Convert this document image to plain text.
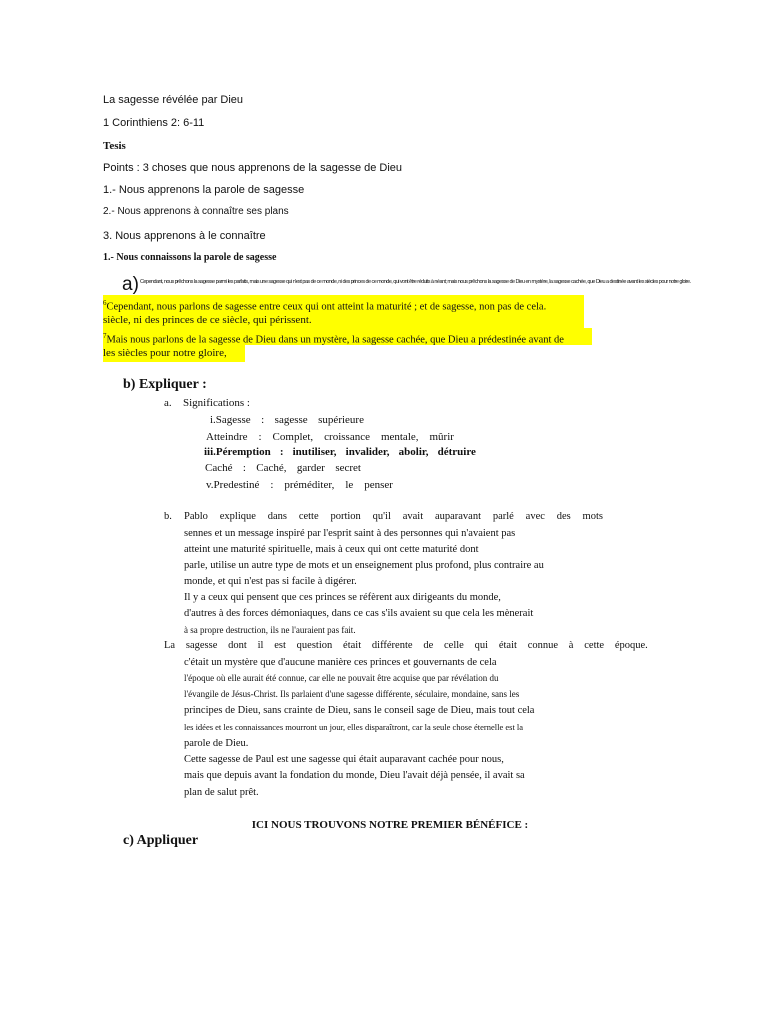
La sagesse révélée par Dieu
1 Corinthiens 2: 6-11
Tesis
Points : 3 choses que nous apprenons de la sagesse de Dieu
1.- Nous apprenons la parole de sagesse
2.- Nous apprenons à connaître ses plans
3. Nous apprenons à le connaître
1.- Nous connaissons la parole de sagesse
a) Cependant, nous prêchons la sagesse parmi les parfaits, mais une sagesse qui n'est pas de ce monde, ni des princes de ce monde, qui vont être réduits à néant; mais nous prêchons la sagesse de Dieu en mystère, la sagesse cachée, que Dieu a destinée avant les siècles pour notre gloire.
$^6$Cependant, nous parlons de sagesse entre ceux qui ont atteint la maturité ; et de sagesse, non pas de cela.
siècle, ni des princes de ce siècle, qui périssent.
$^7$Mais nous parlons de la sagesse de Dieu dans un mystère, la sagesse cachée, que Dieu a prédestinée avant de
les siècles pour notre gloire,
b) Expliquer :
a. Significations :
i.Sagesse : sagesse supérieure
Atteindre : Complet, croissance mentale, mûrir
iii.Péremption : inutiliser, invalider, abolir, détruire
Caché : Caché, garder secret
v.Predestiné : préméditer, le penser
b. Pablo explique dans cette portion qu'il avait auparavant parlé avec des mots
sennes et un message inspiré par l'esprit saint à des personnes qui n'avaient pas
atteint une maturité spirituelle, mais à ceux qui ont cette maturité dont
parle, utilise un autre type de mots et un enseignement plus profond, plus contraire au
monde, et qui n'est pas si facile à digérer.
Il y a ceux qui pensent que ces princes se réfèrent aux dirigeants du monde,
d'autres à des forces démoniaques, dans ce cas s'ils avaient su que cela les mènerait
à sa propre destruction, ils ne l'auraient pas fait.
La sagesse dont il est question était différente de celle qui était connue à cette époque.
c'était un mystère que d'aucune manière ces princes et gouvernants de cela
l'époque où elle aurait été connue, car elle ne pouvait être acquise que par révélation du
l'évangile de Jésus-Christ. Ils parlaient d'une sagesse différente, séculaire, mondaine, sans les
principes de Dieu, sans crainte de Dieu, sans le conseil sage de Dieu, mais tout cela
les idées et les connaissances mourront un jour, elles disparaîtront, car la seule chose éternelle est la
parole de Dieu.
Cette sagesse de Paul est une sagesse qui était auparavant cachée pour nous,
mais que depuis avant la fondation du monde, Dieu l'avait déjà pensée, il avait sa
plan de salut prêt.
ICI NOUS TROUVONS NOTRE PREMIER BÉNÉFICE :
c) Appliquer
